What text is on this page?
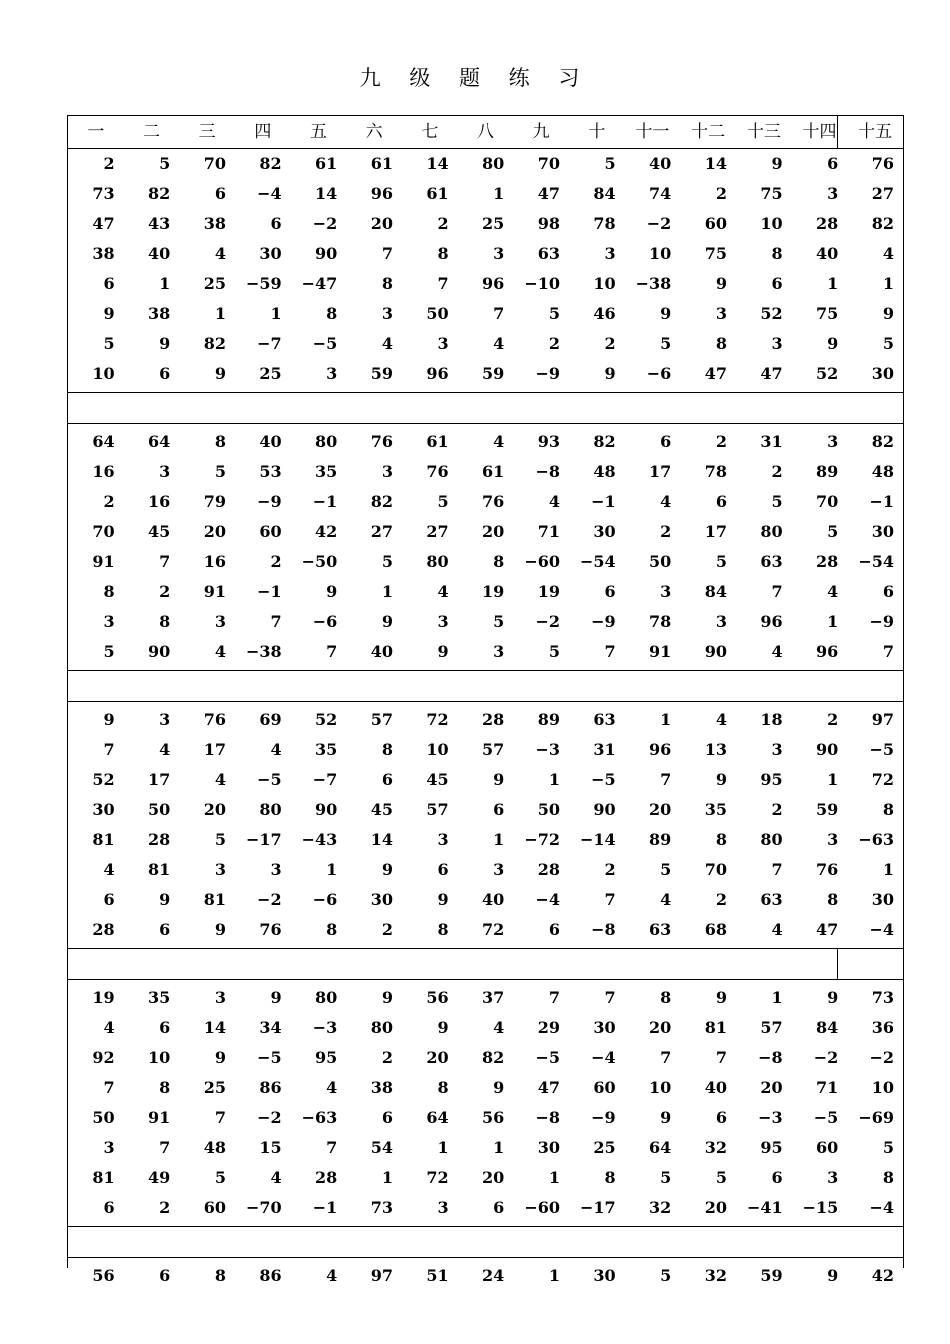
九 级 题 练 习
一	二	三	四	五	六	七	八	九	十	十一	十二	十三	十四	十五
2	5	70	82	61	61	14	80	70	5	40	14	9	6	76
73	82	6	−4	14	96	61	1	47	84	74	2	75	3	27
47	43	38	6	−2	20	2	25	98	78	−2	60	10	28	82
38	40	4	30	90	7	8	3	63	3	10	75	8	40	4
6	1	25	−59	−47	8	7	96	−10	10	−38	9	6	1	1
9	38	1	1	8	3	50	7	5	46	9	3	52	75	9
5	9	82	−7	−5	4	3	4	2	2	5	8	3	9	5
10	6	9	25	3	59	96	59	−9	9	−6	47	47	52	30
64	64	8	40	80	76	61	4	93	82	6	2	31	3	82
16	3	5	53	35	3	76	61	−8	48	17	78	2	89	48
2	16	79	−9	−1	82	5	76	4	−1	4	6	5	70	−1
70	45	20	60	42	27	27	20	71	30	2	17	80	5	30
91	7	16	2	−50	5	80	8	−60	−54	50	5	63	28	−54
8	2	91	−1	9	1	4	19	19	6	3	84	7	4	6
3	8	3	7	−6	9	3	5	−2	−9	78	3	96	1	−9
5	90	4	−38	7	40	9	3	5	7	91	90	4	96	7
9	3	76	69	52	57	72	28	89	63	1	4	18	2	97
7	4	17	4	35	8	10	57	−3	31	96	13	3	90	−5
52	17	4	−5	−7	6	45	9	1	−5	7	9	95	1	72
30	50	20	80	90	45	57	6	50	90	20	35	2	59	8
81	28	5	−17	−43	14	3	1	−72	−14	89	8	80	3	−63
4	81	3	3	1	9	6	3	28	2	5	70	7	76	1
6	9	81	−2	−6	30	9	40	−4	7	4	2	63	8	30
28	6	9	76	8	2	8	72	6	−8	63	68	4	47	−4
19	35	3	9	80	9	56	37	7	7	8	9	1	9	73
4	6	14	34	−3	80	9	4	29	30	20	81	57	84	36
92	10	9	−5	95	2	20	82	−5	−4	7	7	−8	−2	−2
7	8	25	86	4	38	8	9	47	60	10	40	20	71	10
50	91	7	−2	−63	6	64	56	−8	−9	9	6	−3	−5	−69
3	7	48	15	7	54	1	1	30	25	64	32	95	60	5
81	49	5	4	28	1	72	20	1	8	5	5	6	3	8
6	2	60	−70	−1	73	3	6	−60	−17	32	20	−41	−15	−4
56	6	8	86	4	97	51	24	1	30	5	32	59	9	42
